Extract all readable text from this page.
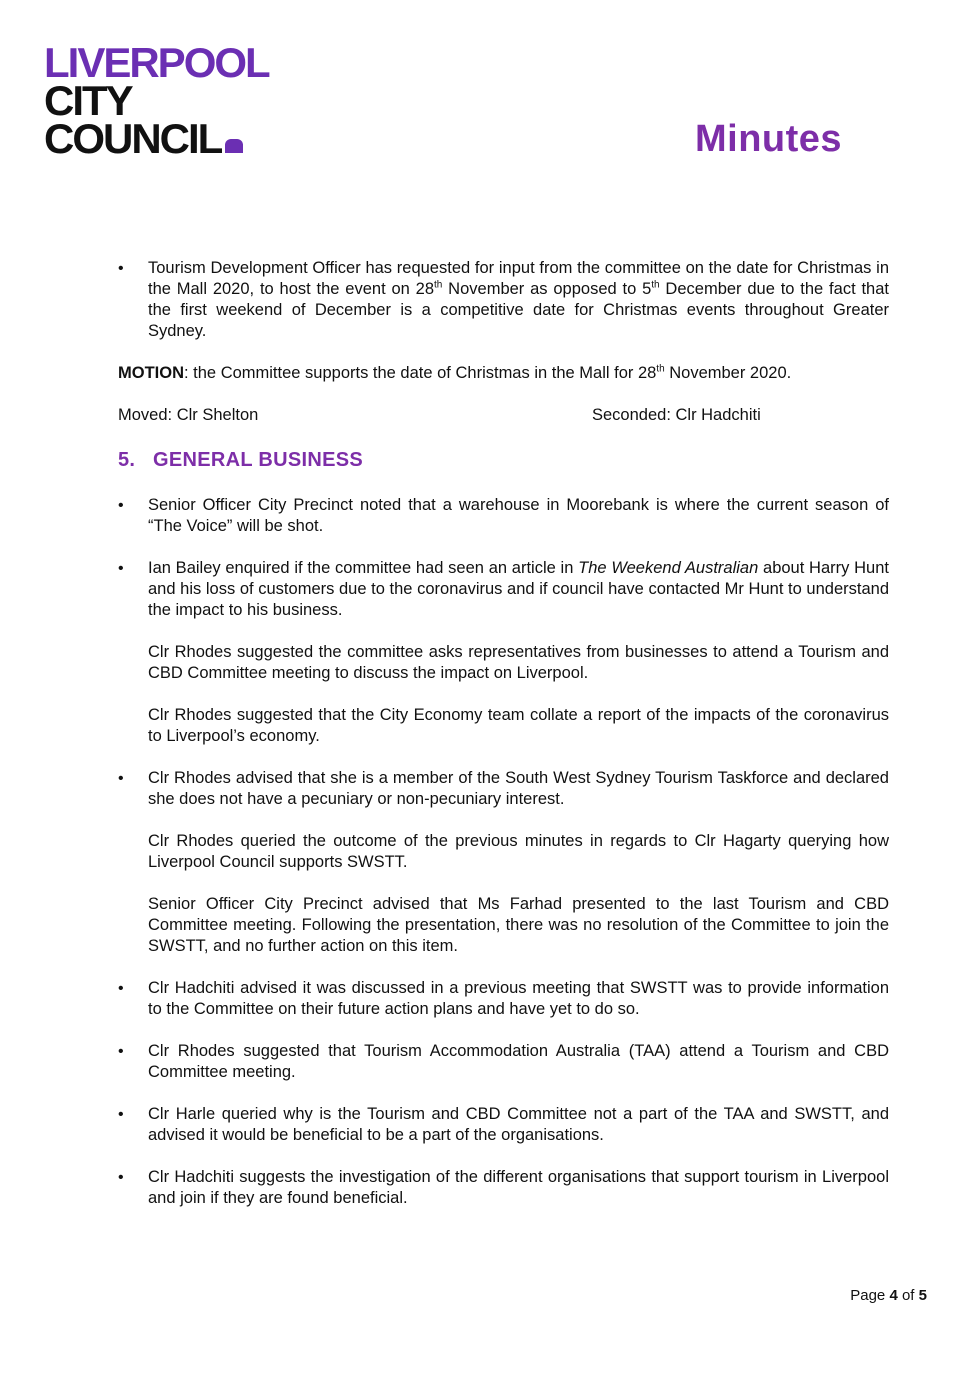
LIVERPOOL
CITY
COUNCIL	Minutes
• Tourism Development Officer has requested for input from the committee on the date for Christmas in the Mall 2020, to host the event on 28th November as opposed to 5th December due to the fact that the first weekend of December is a competitive date for Christmas events throughout Greater Sydney.
MOTION: the Committee supports the date of Christmas in the Mall for 28th November 2020.
Moved: Clr Shelton	Seconded: Clr Hadchiti
5. GENERAL BUSINESS
• Senior Officer City Precinct noted that a warehouse in Moorebank is where the current season of “The Voice” will be shot.
• Ian Bailey enquired if the committee had seen an article in The Weekend Australian about Harry Hunt and his loss of customers due to the coronavirus and if council have contacted Mr Hunt to understand the impact to his business.
Clr Rhodes suggested the committee asks representatives from businesses to attend a Tourism and CBD Committee meeting to discuss the impact on Liverpool.
Clr Rhodes suggested that the City Economy team collate a report of the impacts of the coronavirus to Liverpool’s economy.
• Clr Rhodes advised that she is a member of the South West Sydney Tourism Taskforce and declared she does not have a pecuniary or non-pecuniary interest.
Clr Rhodes queried the outcome of the previous minutes in regards to Clr Hagarty querying how Liverpool Council supports SWSTT.
Senior Officer City Precinct advised that Ms Farhad presented to the last Tourism and CBD Committee meeting. Following the presentation, there was no resolution of the Committee to join the SWSTT, and no further action on this item.
• Clr Hadchiti advised it was discussed in a previous meeting that SWSTT was to provide information to the Committee on their future action plans and have yet to do so.
• Clr Rhodes suggested that Tourism Accommodation Australia (TAA) attend a Tourism and CBD Committee meeting.
• Clr Harle queried why is the Tourism and CBD Committee not a part of the TAA and SWSTT, and advised it would be beneficial to be a part of the organisations.
• Clr Hadchiti suggests the investigation of the different organisations that support tourism in Liverpool and join if they are found beneficial.
Page 4 of 5
